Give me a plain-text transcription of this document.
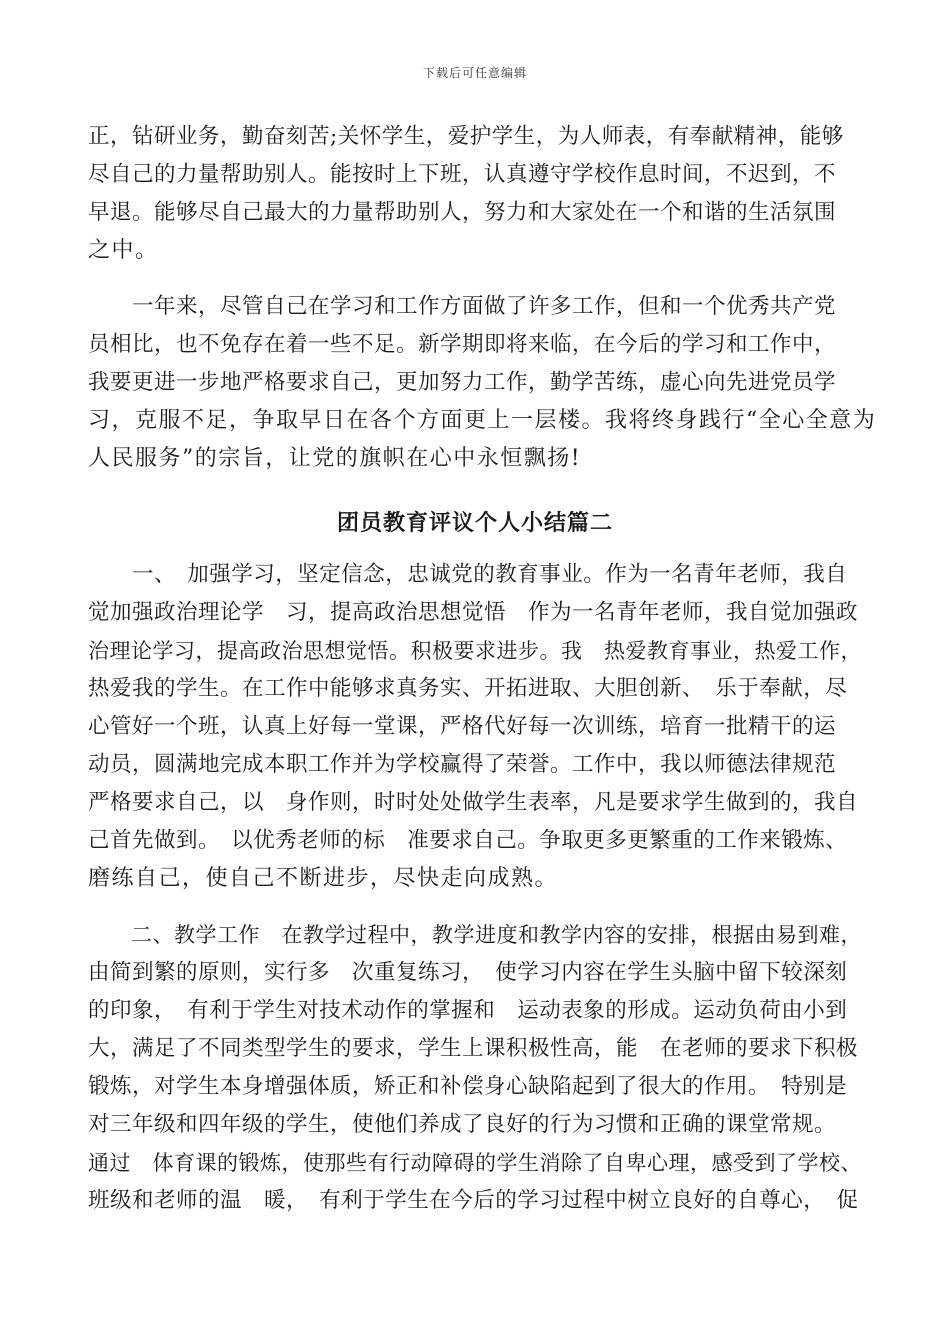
下载后可任意编辑

正，钻研业务，勤奋刻苦;关怀学生，爱护学生，为人师表，有奉献精神，能够

尽自己的力量帮助别人。能按时上下班，认真遵守学校作息时间，不迟到，不

早退。能够尽自己最大的力量帮助别人，努力和大家处在一个和谐的生活氛围

之中。

　　一年来，尽管自己在学习和工作方面做了许多工作，但和一个优秀共产党

员相比，也不免存在着一些不足。新学期即将来临，在今后的学习和工作中，

我要更进一步地严格要求自己，更加努力工作，勤学苦练，虚心向先进党员学

习，克服不足，争取早日在各个方面更上一层楼。我将终身践行“全心全意为

人民服务”的宗旨，让党的旗帜在心中永恒飘扬!

团员教育评议个人小结篇二

　　一、　加强学习，坚定信念，忠诚党的教育事业。作为一名青年老师，我自

觉加强政治理论学　习，提高政治思想觉悟　作为一名青年老师，我自觉加强政

治理论学习，提高政治思想觉悟。积极要求进步。我　热爱教育事业，热爱工作，

热爱我的学生。在工作中能够求真务实、开拓进取、大胆创新、　乐于奉献，尽

心管好一个班，认真上好每一堂课，严格代好每一次训练，培育一批精干的运

动员，圆满地完成本职工作并为学校赢得了荣誉。工作中，我以师德法律规范

严格要求自己，以　身作则，时时处处做学生表率，凡是要求学生做到的，我自

己首先做到。　以优秀老师的标　准要求自己。争取更多更繁重的工作来锻炼、

磨练自己，使自己不断进步，尽快走向成熟。

　　二、教学工作　在教学过程中，教学进度和教学内容的安排，根据由易到难，

由简到繁的原则，实行多　次重复练习，　使学习内容在学生头脑中留下较深刻

的印象，　有利于学生对技术动作的掌握和　运动表象的形成。运动负荷由小到

大，满足了不同类型学生的要求，学生上课积极性高，能　在老师的要求下积极

锻炼，对学生本身增强体质，矫正和补偿身心缺陷起到了很大的作用。　特别是

对三年级和四年级的学生，使他们养成了良好的行为习惯和正确的课堂常规。

通过　体育课的锻炼，使那些有行动障碍的学生消除了自卑心理，感受到了学校、

班级和老师的温　暖，　有利于学生在今后的学习过程中树立良好的自尊心，　促
